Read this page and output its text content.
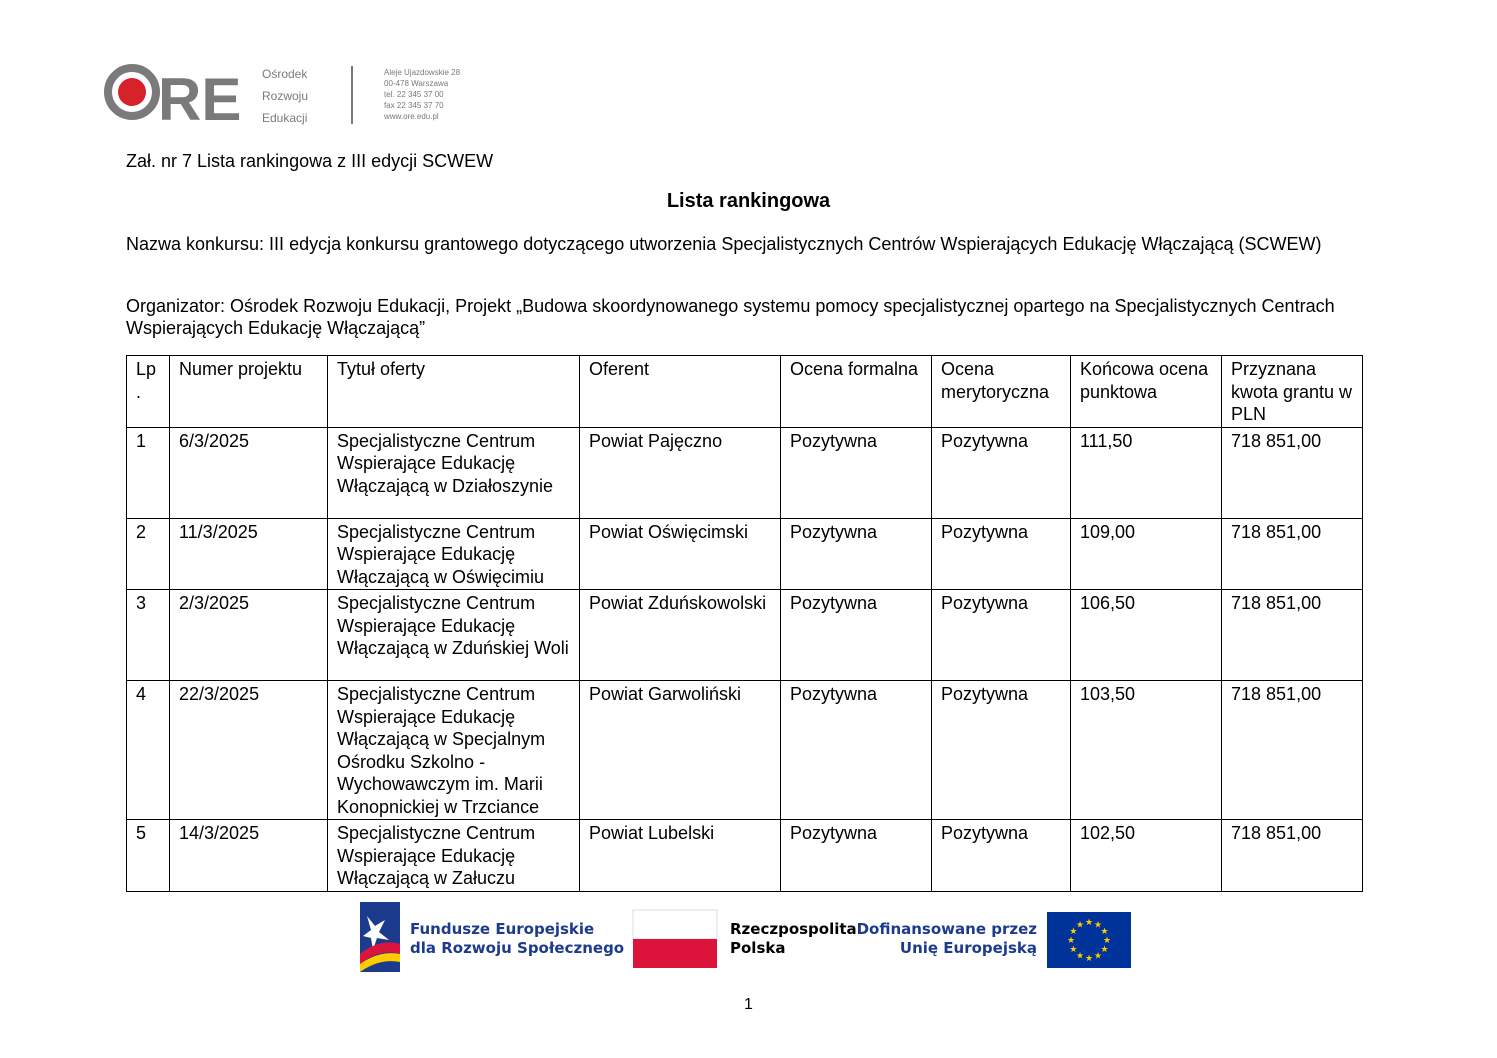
RE Ośrodek
Rozwoju
Edukacji
Aleje Ujazdowskie 28
00-478 Warszawa
tel. 22 345 37 00
fax 22 345 37 70
www.ore.edu.pl
Zał. nr 7 Lista rankingowa z III edycji SCWEW
Lista rankingowa
Nazwa konkursu: III edycja konkursu grantowego dotyczącego utworzenia Specjalistycznych Centrów Wspierających Edukację Włączającą (SCWEW)
Organizator: Ośrodek Rozwoju Edukacji, Projekt „Budowa skoordynowanego systemu pomocy specjalistycznej opartego na Specjalistycznych Centrach Wspierających Edukację Włączającą”
Lp.	Numer projektu	Tytuł oferty	Oferent	Ocena formalna	Ocena merytoryczna	Końcowa ocena punktowa	Przyznana kwota grantu w PLN
1	6/3/2025	Specjalistyczne Centrum Wspierające Edukację Włączającą w Działoszynie	Powiat Pajęczno	Pozytywna	Pozytywna	111,50	718 851,00
2	11/3/2025	Specjalistyczne Centrum Wspierające Edukację Włączającą w Oświęcimiu	Powiat Oświęcimski	Pozytywna	Pozytywna	109,00	718 851,00
3	2/3/2025	Specjalistyczne Centrum Wspierające Edukację Włączającą w Zduńskiej Woli	Powiat Zduńskowolski	Pozytywna	Pozytywna	106,50	718 851,00
4	22/3/2025	Specjalistyczne Centrum Wspierające Edukację Włączającą w Specjalnym Ośrodku Szkolno - Wychowawczym im. Marii Konopnickiej w Trzciance	Powiat Garwoliński	Pozytywna	Pozytywna	103,50	718 851,00
5	14/3/2025	Specjalistyczne Centrum Wspierające Edukację Włączającą w Załuczu	Powiat Lubelski	Pozytywna	Pozytywna	102,50	718 851,00
Fundusze Europejskie
dla Rozwoju Społecznego
Rzeczpospolita
Polska
Dofinansowane przez
Unię Europejską
★ ★
★
★
★
★
★
★
★
★
★
★
1
